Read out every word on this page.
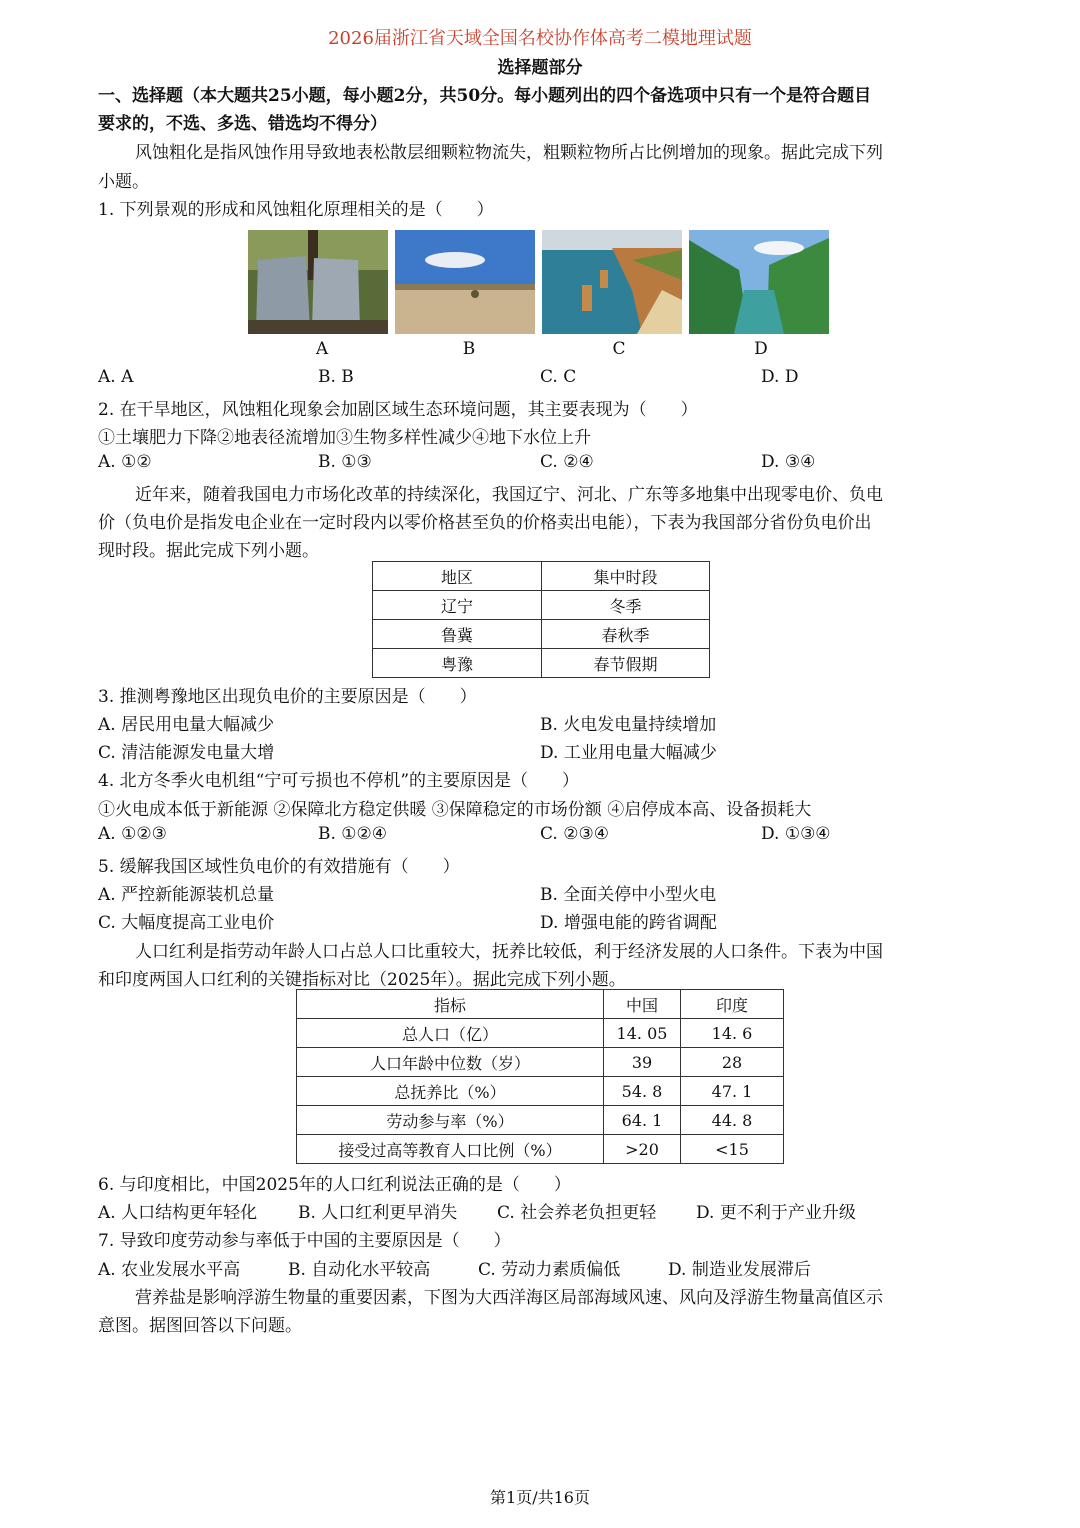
2026届浙江省天域全国名校协作体高考二模地理试题
选择题部分
一、选择题（本大题共25小题，每小题2分，共50分。每小题列出的四个备选项中只有一个是符合题目
要求的，不选、多选、错选均不得分）
风蚀粗化是指风蚀作用导致地表松散层细颗粒物流失，粗颗粒物所占比例增加的现象。据此完成下列
小题。
1. 下列景观的形成和风蚀粗化原理相关的是（　　）
A	B	C	D
A. A	B. B	C. C	D. D
2. 在干旱地区，风蚀粗化现象会加剧区域生态环境问题，其主要表现为（　　）
①土壤肥力下降②地表径流增加③生物多样性减少④地下水位上升
A. ①②	B. ①③	C. ②④	D. ③④
近年来，随着我国电力市场化改革的持续深化，我国辽宁、河北、广东等多地集中出现零电价、负电
价（负电价是指发电企业在一定时段内以零价格甚至负的价格卖出电能），下表为我国部分省份负电价出
现时段。据此完成下列小题。
地区	集中时段
辽宁	冬季
鲁冀	春秋季
粤豫	春节假期
3. 推测粤豫地区出现负电价的主要原因是（　　）
A. 居民用电量大幅减少	B. 火电发电量持续增加
C. 清洁能源发电量大增	D. 工业用电量大幅减少
4. 北方冬季火电机组“宁可亏损也不停机”的主要原因是（　　）
①火电成本低于新能源 ②保障北方稳定供暖 ③保障稳定的市场份额 ④启停成本高、设备损耗大
A. ①②③	B. ①②④	C. ②③④	D. ①③④
5. 缓解我国区域性负电价的有效措施有（　　）
A. 严控新能源装机总量	B. 全面关停中小型火电
C. 大幅度提高工业电价	D. 增强电能的跨省调配
人口红利是指劳动年龄人口占总人口比重较大，抚养比较低，利于经济发展的人口条件。下表为中国
和印度两国人口红利的关键指标对比（2025年）。据此完成下列小题。
指标	中国	印度
总人口（亿）	14. 05	14. 6
人口年龄中位数（岁）	39	28
总抚养比（%）	54. 8	47. 1
劳动参与率（%）	64. 1	44. 8
接受过高等教育人口比例（%）	>20	<15
6. 与印度相比，中国2025年的人口红利说法正确的是（　　）
A. 人口结构更年轻化 B. 人口红利更早消失 C. 社会养老负担更轻 D. 更不利于产业升级
7. 导致印度劳动参与率低于中国的主要原因是（　　）
A. 农业发展水平高	B. 自动化水平较高	C. 劳动力素质偏低	D. 制造业发展滞后
营养盐是影响浮游生物量的重要因素，下图为大西洋海区局部海域风速、风向及浮游生物量高值区示
意图。据图回答以下问题。
第1页/共16页
